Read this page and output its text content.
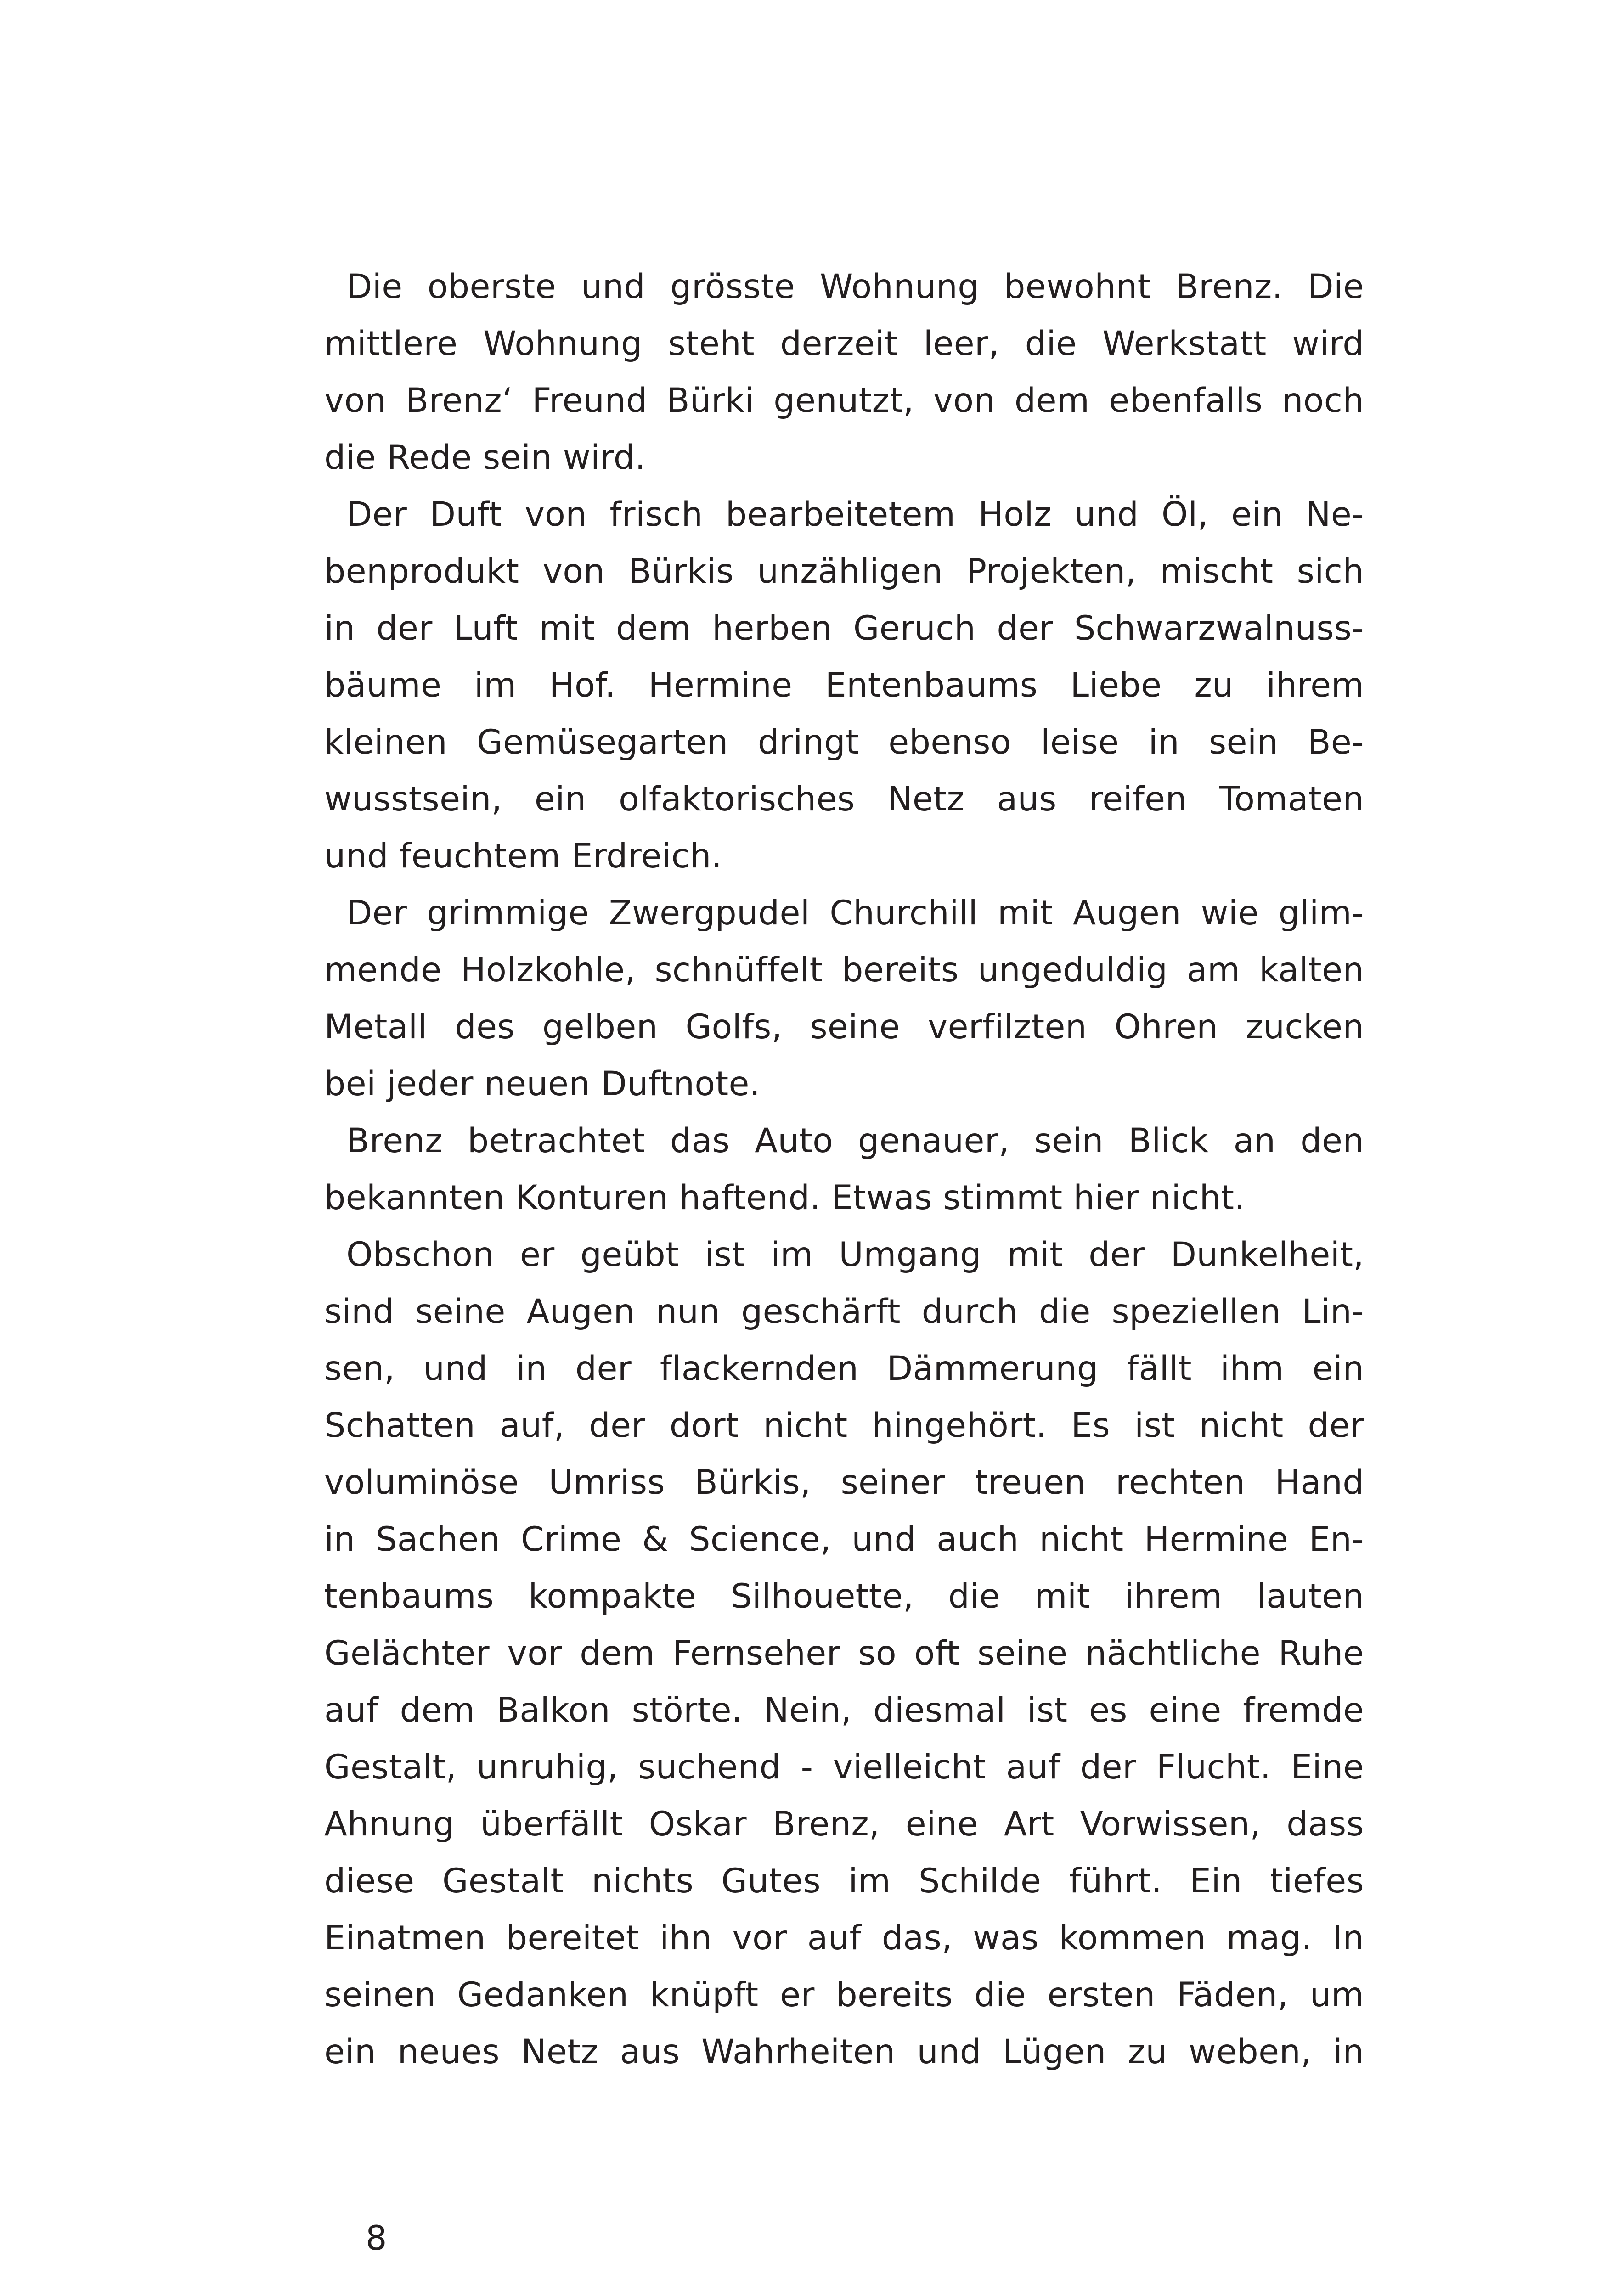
Die oberste und grösste Wohnung bewohnt Brenz. Die
mittlere Wohnung steht derzeit leer, die Werkstatt wird
von Brenz‘ Freund Bürki genutzt, von dem ebenfalls noch
die Rede sein wird.
Der Duft von frisch bearbeitetem Holz und Öl, ein Ne-
benprodukt von Bürkis unzähligen Projekten, mischt sich
in der Luft mit dem herben Geruch der Schwarzwalnuss-
bäume im Hof. Hermine Entenbaums Liebe zu ihrem
kleinen Gemüsegarten dringt ebenso leise in sein Be-
wusstsein, ein olfaktorisches Netz aus reifen Tomaten
und feuchtem Erdreich.
Der grimmige Zwergpudel Churchill mit Augen wie glim-
mende Holzkohle, schnüffelt bereits ungeduldig am kalten
Metall des gelben Golfs, seine verfilzten Ohren zucken
bei jeder neuen Duftnote.
Brenz betrachtet das Auto genauer, sein Blick an den
bekannten Konturen haftend. Etwas stimmt hier nicht.
Obschon er geübt ist im Umgang mit der Dunkelheit,
sind seine Augen nun geschärft durch die speziellen Lin-
sen, und in der flackernden Dämmerung fällt ihm ein
Schatten auf, der dort nicht hingehört. Es ist nicht der
voluminöse Umriss Bürkis, seiner treuen rechten Hand
in Sachen Crime & Science, und auch nicht Hermine En-
tenbaums kompakte Silhouette, die mit ihrem lauten
Gelächter vor dem Fernseher so oft seine nächtliche Ruhe
auf dem Balkon störte. Nein, diesmal ist es eine fremde
Gestalt, unruhig, suchend - vielleicht auf der Flucht. Eine
Ahnung überfällt Oskar Brenz, eine Art Vorwissen, dass
diese Gestalt nichts Gutes im Schilde führt. Ein tiefes
Einatmen bereitet ihn vor auf das, was kommen mag. In
seinen Gedanken knüpft er bereits die ersten Fäden, um
ein neues Netz aus Wahrheiten und Lügen zu weben, in
8
